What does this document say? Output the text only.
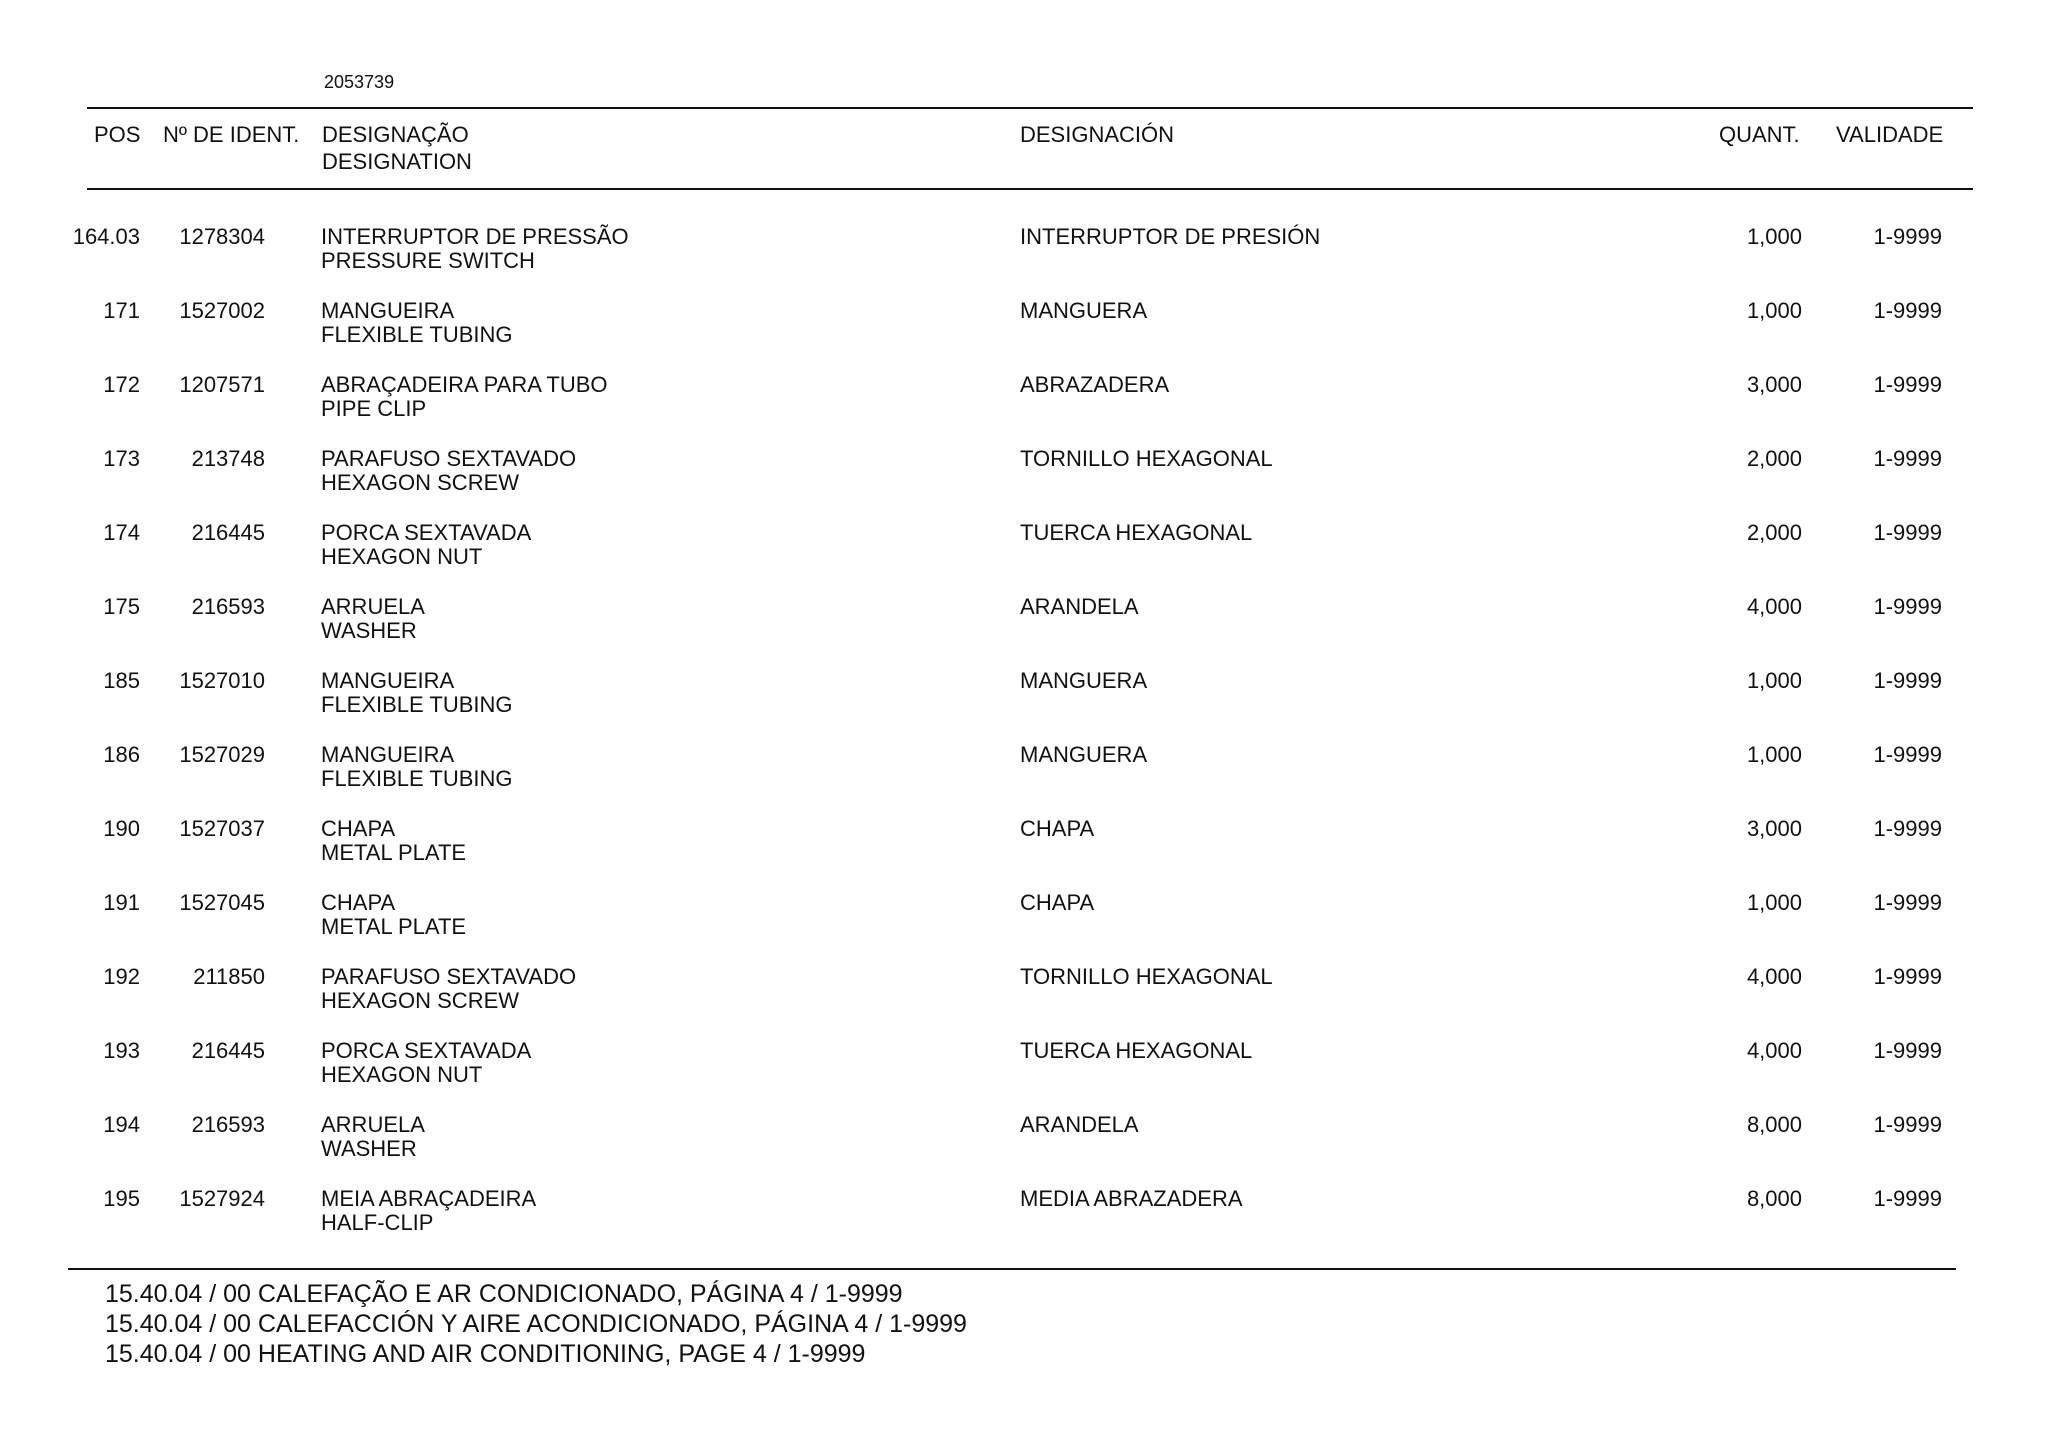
2053739
POS Nº DE IDENT. DESIGNAÇÃO
DESIGNATION
DESIGNACIÓN	QUANT. VALIDADE
164.03 1278304	INTERRUPTOR DE PRESSÃO
PRESSURE SWITCH
INTERRUPTOR DE PRESIÓN	1,000	1-9999
171 1527002	MANGUEIRA
FLEXIBLE TUBING
MANGUERA	1,000	1-9999
172 1207571	ABRAÇADEIRA PARA TUBO
PIPE CLIP
ABRAZADERA	3,000	1-9999
173 213748	PARAFUSO SEXTAVADO
HEXAGON SCREW
TORNILLO HEXAGONAL	2,000	1-9999
174 216445	PORCA SEXTAVADA
HEXAGON NUT
TUERCA HEXAGONAL	2,000	1-9999
175 216593	ARRUELA
WASHER
ARANDELA	4,000	1-9999
185 1527010	MANGUEIRA
FLEXIBLE TUBING
MANGUERA	1,000	1-9999
186 1527029	MANGUEIRA
FLEXIBLE TUBING
MANGUERA	1,000	1-9999
190 1527037	CHAPA
METAL PLATE
CHAPA	3,000	1-9999
191 1527045	CHAPA
METAL PLATE
CHAPA	1,000	1-9999
192 211850	PARAFUSO SEXTAVADO
HEXAGON SCREW
TORNILLO HEXAGONAL	4,000	1-9999
193 216445	PORCA SEXTAVADA
HEXAGON NUT
TUERCA HEXAGONAL	4,000	1-9999
194 216593	ARRUELA
WASHER
ARANDELA	8,000	1-9999
195 1527924	MEIA ABRAÇADEIRA
HALF-CLIP
MEDIA ABRAZADERA	8,000	1-9999
15.40.04 / 00 CALEFAÇÃO E AR CONDICIONADO, PÁGINA 4 / 1-9999
15.40.04 / 00 CALEFACCIÓN Y AIRE ACONDICIONADO, PÁGINA 4 / 1-9999
15.40.04 / 00 HEATING AND AIR CONDITIONING, PAGE 4 / 1-9999
